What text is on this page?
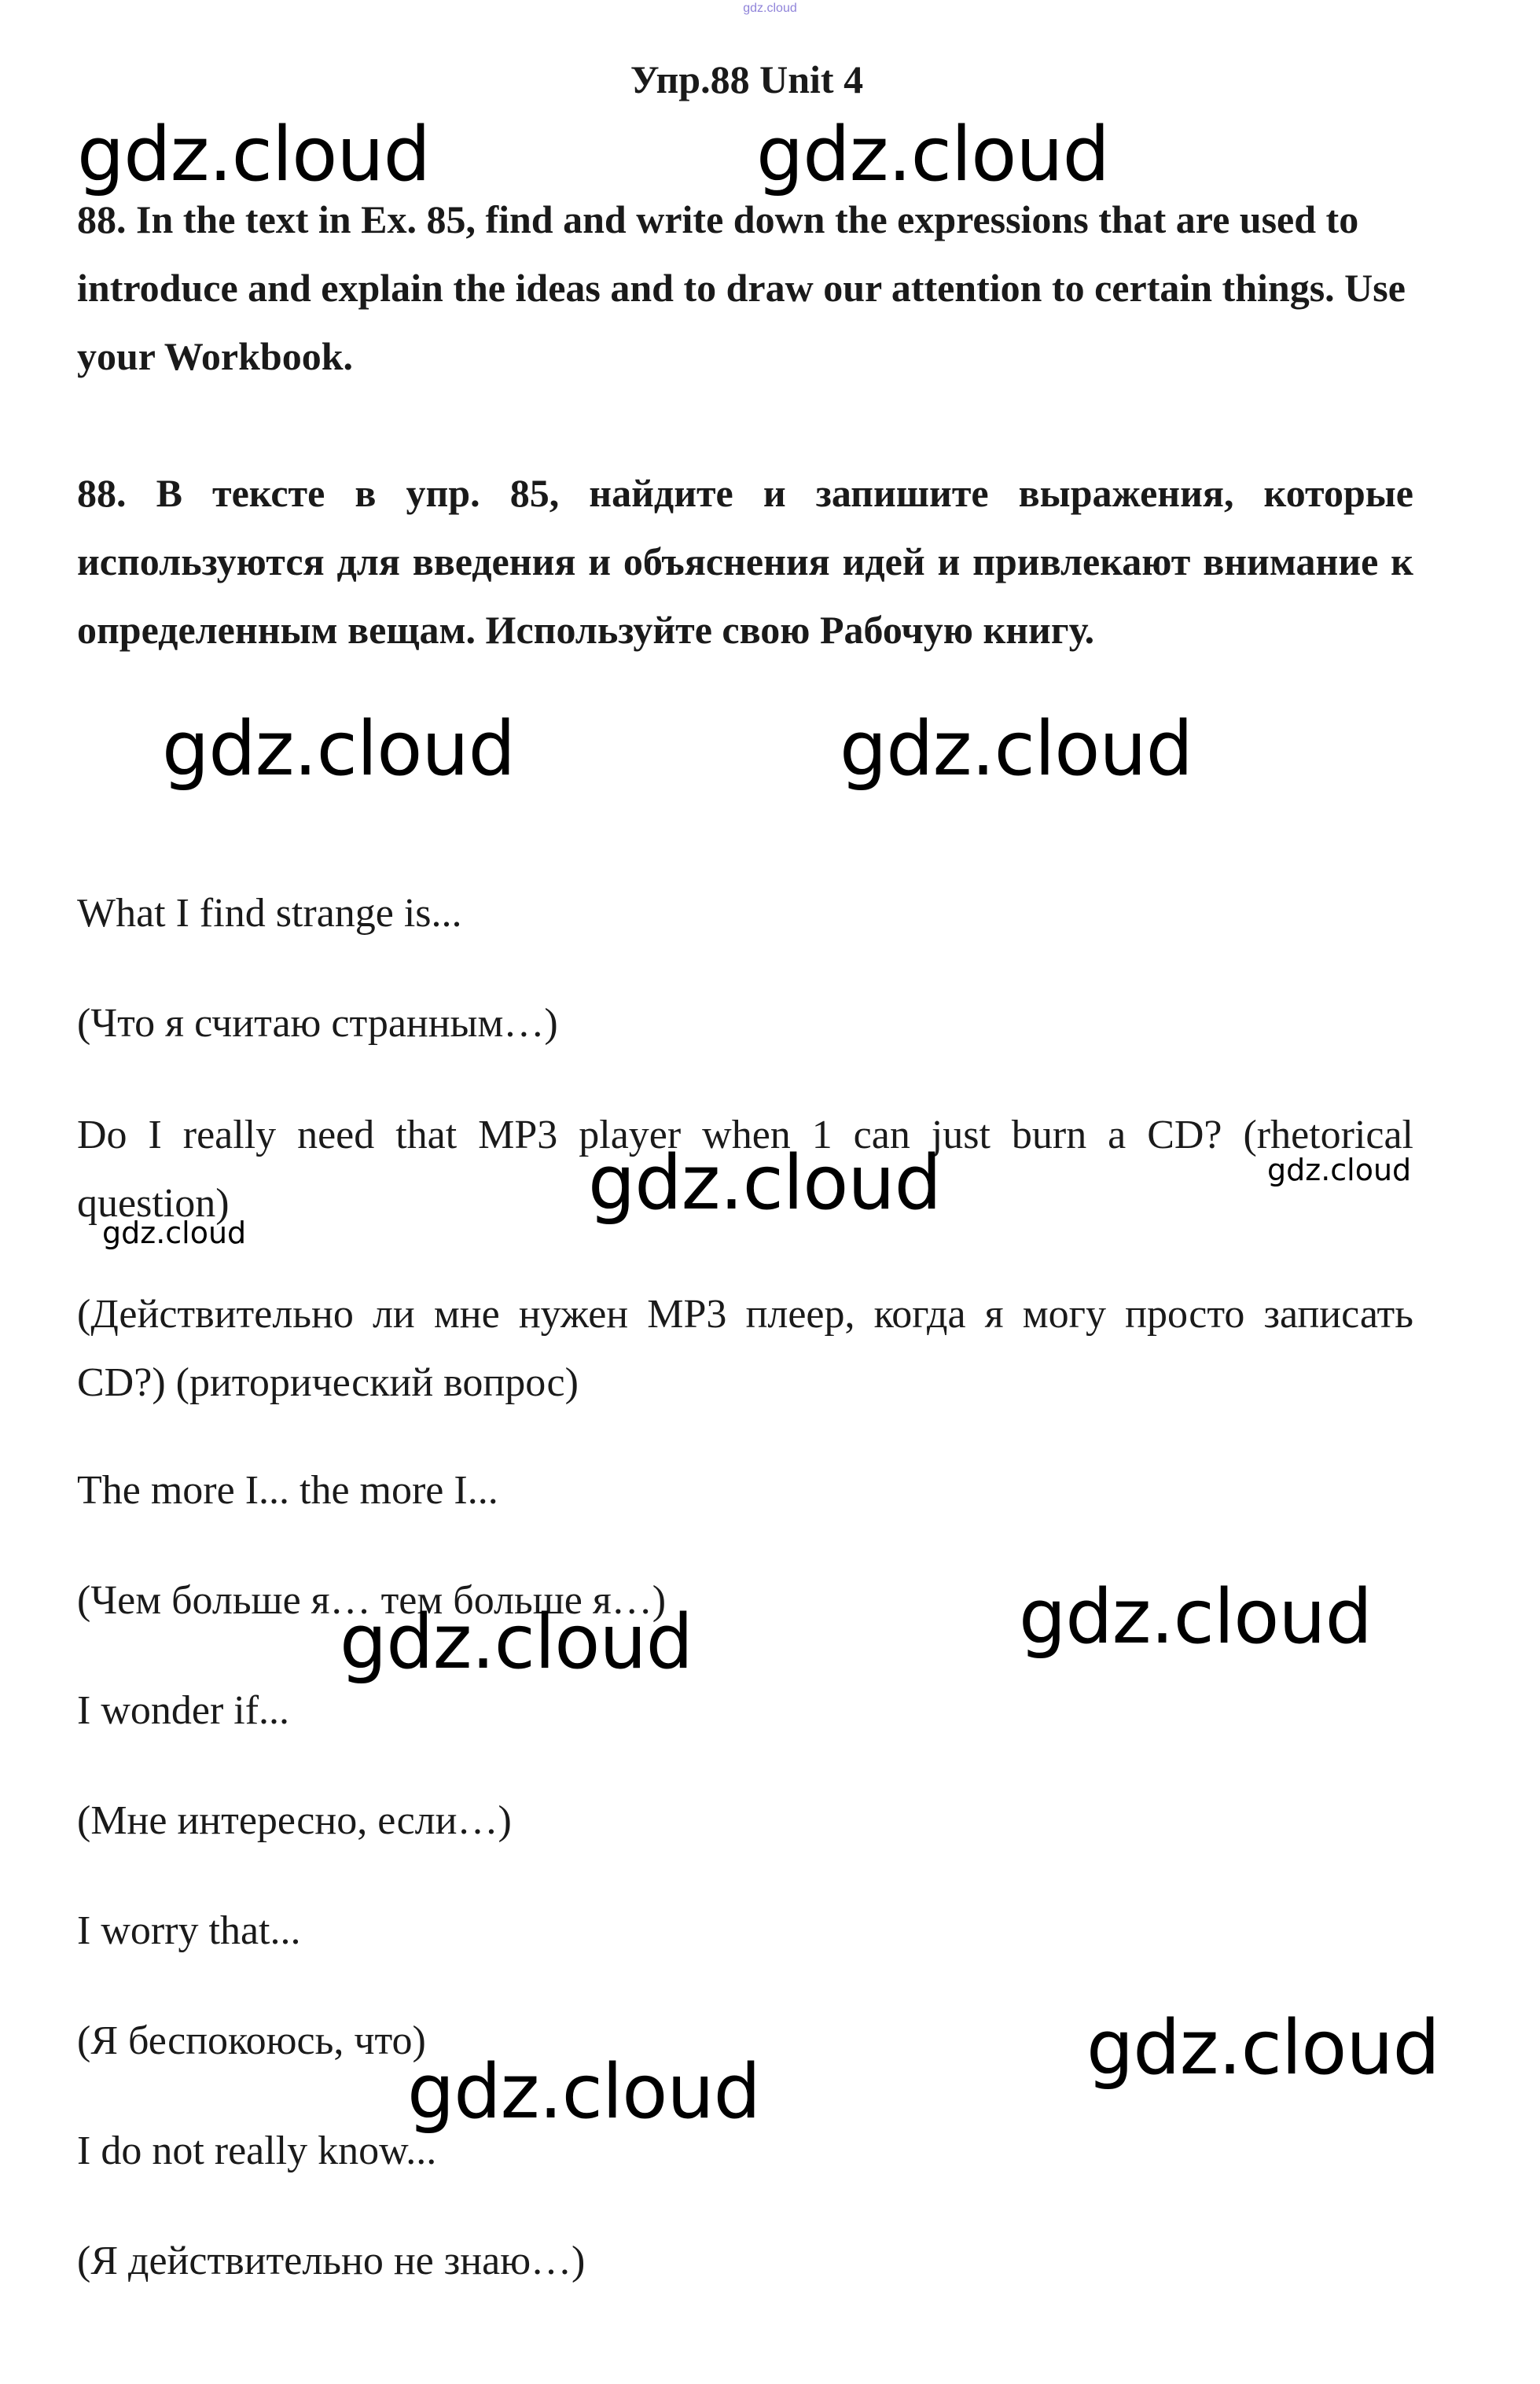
gdz.cloud
Упр.88 Unit 4

88. In the text in Ex. 85, find and write down the expressions that are used to introduce and explain the ideas and to draw our attention to certain things. Use your Workbook.

88. В тексте в упр. 85, найдите и запишите выражения, которые используются для введения и объяснения идей и привлекают внимание к определенным вещам. Используйте свою Рабочую книгу.

What I find strange is...

(Что я считаю странным…)

Do I really need that MP3 player when 1 can just burn a CD? (rhetorical question)

(Действительно ли мне нужен MP3 плеер, когда я могу просто записать CD?) (риторический вопрос)

The more I... the more I...

(Чем больше я… тем больше я…)

I wonder if...

(Мне интересно, если…)

I worry that...

(Я беспокоюсь, что)

I do not really know...

(Я действительно не знаю…)

gdz.cloud	gdz.cloud
gdz.cloud	gdz.cloud
gdz.cloud	gdz.cloud
gdz.cloud
gdz.cloud
gdz.cloud
gdz.cloud
gdz.cloud
